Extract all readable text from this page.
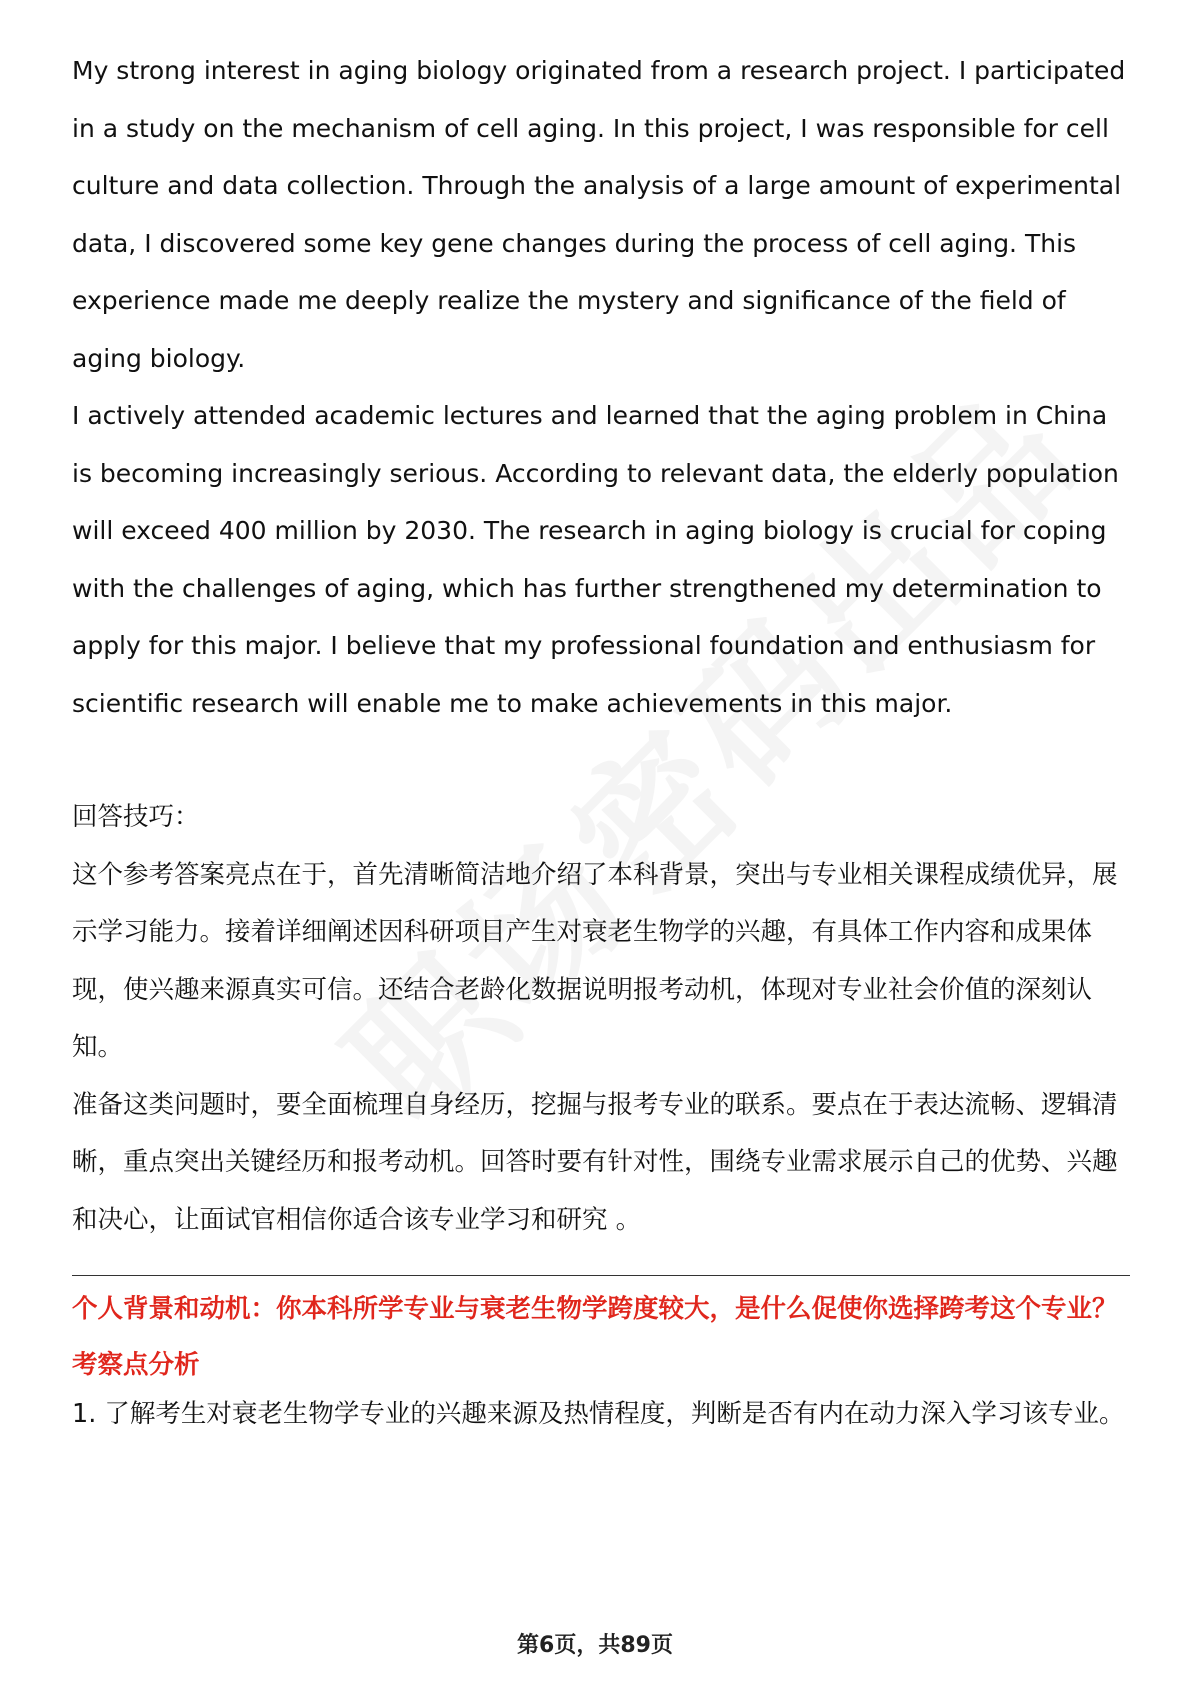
My strong interest in aging biology originated from a research project. I participated in a study on the mechanism of cell aging. In this project, I was responsible for cell culture and data collection. Through the analysis of a large amount of experimental data, I discovered some key gene changes during the process of cell aging. This experience made me deeply realize the mystery and significance of the field of aging biology.

I actively attended academic lectures and learned that the aging problem in China is becoming increasingly serious. According to relevant data, the elderly population will exceed 400 million by 2030. The research in aging biology is crucial for coping with the challenges of aging, which has further strengthened my determination to apply for this major. I believe that my professional foundation and enthusiasm for scientific research will enable me to make achievements in this major.

回答技巧：

这个参考答案亮点在于，首先清晰简洁地介绍了本科背景，突出与专业相关课程成绩优异，展示学习能力。接着详细阐述因科研项目产生对衰老生物学的兴趣，有具体工作内容和成果体现，使兴趣来源真实可信。还结合老龄化数据说明报考动机，体现对专业社会价值的深刻认知。

准备这类问题时，要全面梳理自身经历，挖掘与报考专业的联系。要点在于表达流畅、逻辑清晰，重点突出关键经历和报考动机。回答时要有针对性，围绕专业需求展示自己的优势、兴趣和决心，让面试官相信你适合该专业学习和研究 。

个人背景和动机：你本科所学专业与衰老生物学跨度较大，是什么促使你选择跨考这个专业？

考察点分析

1. 了解考生对衰老生物学专业的兴趣来源及热情程度，判断是否有内在动力深入学习该专业。

第6页，共89页
